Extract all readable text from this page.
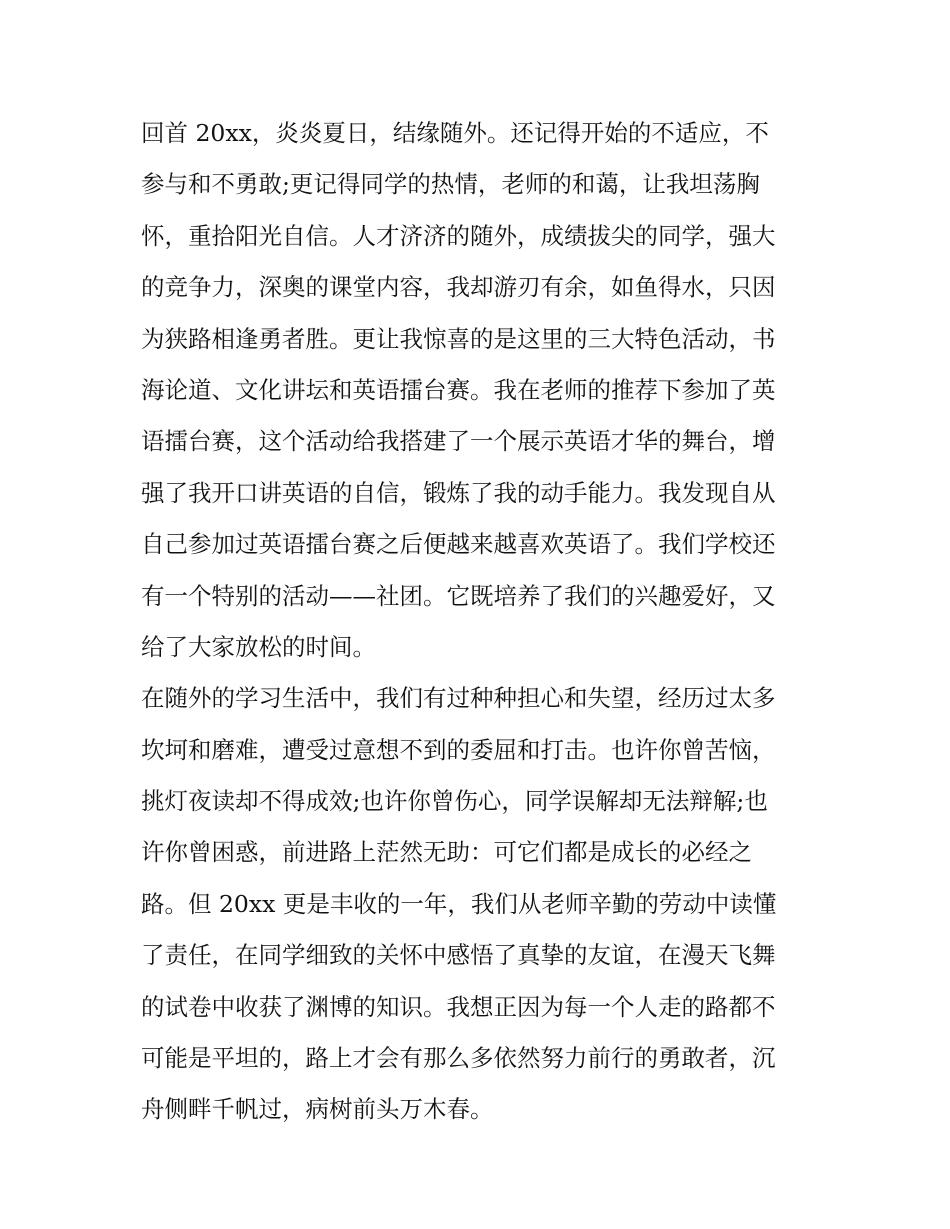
回首 20xx，炎炎夏日，结缘随外。还记得开始的不适应，不
参与和不勇敢;更记得同学的热情，老师的和蔼，让我坦荡胸
怀，重拾阳光自信。人才济济的随外，成绩拔尖的同学，强大
的竞争力，深奥的课堂内容，我却游刃有余，如鱼得水，只因
为狭路相逢勇者胜。更让我惊喜的是这里的三大特色活动，书
海论道、文化讲坛和英语擂台赛。我在老师的推荐下参加了英
语擂台赛，这个活动给我搭建了一个展示英语才华的舞台，增
强了我开口讲英语的自信，锻炼了我的动手能力。我发现自从
自己参加过英语擂台赛之后便越来越喜欢英语了。我们学校还
有一个特别的活动——社团。它既培养了我们的兴趣爱好，又
给了大家放松的时间。

在随外的学习生活中，我们有过种种担心和失望，经历过太多
坎坷和磨难，遭受过意想不到的委屈和打击。也许你曾苦恼，
挑灯夜读却不得成效;也许你曾伤心，同学误解却无法辩解;也
许你曾困惑，前进路上茫然无助：可它们都是成长的必经之
路。但 20xx 更是丰收的一年，我们从老师辛勤的劳动中读懂
了责任，在同学细致的关怀中感悟了真挚的友谊，在漫天飞舞
的试卷中收获了渊博的知识。我想正因为每一个人走的路都不
可能是平坦的，路上才会有那么多依然努力前行的勇敢者，沉
舟侧畔千帆过，病树前头万木春。
